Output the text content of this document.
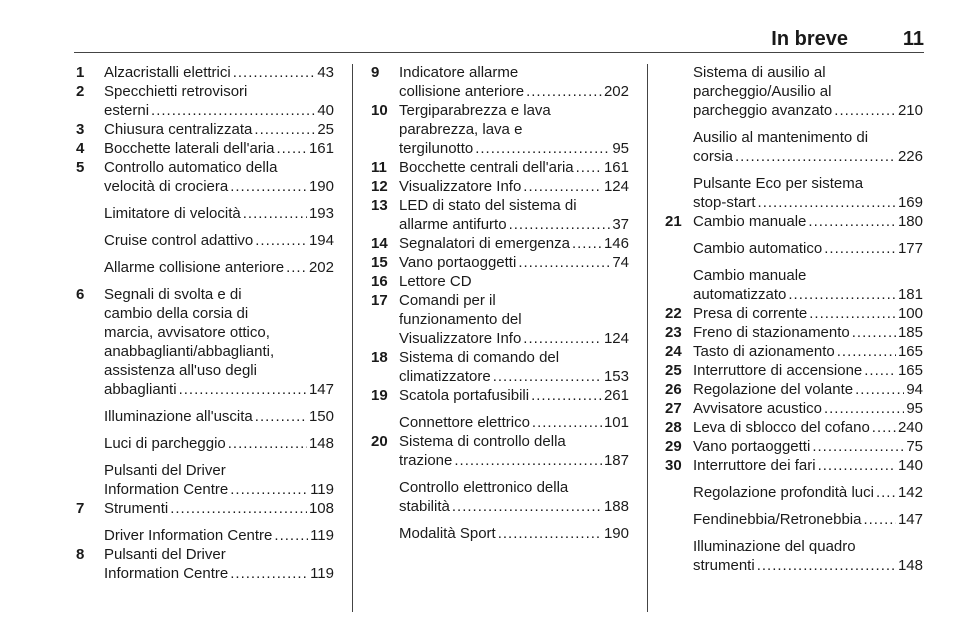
In breve	11
1 Alzacristalli elettrici .....	43
2 Specchietti retrovisori
esterni .....	40
3 Chiusura centralizzata .....	25
4 Bocchette laterali dell'aria ..... 161
5 Controllo automatico della
velocità di crociera .....	190
Limitatore di velocità .....	193
Cruise control adattivo .....	194
Allarme collisione anteriore ..... 202
6 Segnali di svolta e di
cambio della corsia di
marcia, avvisatore ottico,
anabbaglianti/abbaglianti,
assistenza all'uso degli
abbaglianti .....	147
Illuminazione all'uscita .....	150
Luci di parcheggio .....	148
Pulsanti del Driver
Information Centre .....	119
7 Strumenti .....	108
Driver Information Centre .....	119
8 Pulsanti del Driver
Information Centre .....	119
9 Indicatore allarme
collisione anteriore .....	202
10 Tergiparabrezza e lava
parabrezza, lava e
tergilunotto .....	95
11 Bocchette centrali dell'aria ..... 161
12 Visualizzatore Info .....	124
13 LED di stato del sistema di
allarme antifurto .....	37
14 Segnalatori di emergenza ..... 146
15 Vano portaoggetti .....	74
16 Lettore CD
17 Comandi per il
funzionamento del
Visualizzatore Info .....	124
18 Sistema di comando del
climatizzatore .....	153
19 Scatola portafusibili .....	261
Connettore elettrico .....	101
20 Sistema di controllo della
trazione .....	187
Controllo elettronico della
stabilità .....	188
Modalità Sport .....	190
Sistema di ausilio al
parcheggio/Ausilio al
parcheggio avanzato .....	210
Ausilio al mantenimento di
corsia .....	226
Pulsante Eco per sistema
stop-start .....	169
21 Cambio manuale .....	180
Cambio automatico .....	177
Cambio manuale
automatizzato .....	181
22 Presa di corrente .....	100
23 Freno di stazionamento .....	185
24 Tasto di azionamento .....	165
25 Interruttore di accensione ..... 165
26 Regolazione del volante .....	94
27 Avvisatore acustico .....	95
28 Leva di sblocco del cofano ..... 240
29 Vano portaoggetti .....	75
30 Interruttore dei fari .....	140
Regolazione profondità luci ..... 142
Fendinebbia/Retronebbia ..... 147
Illuminazione del quadro
strumenti .....	148
